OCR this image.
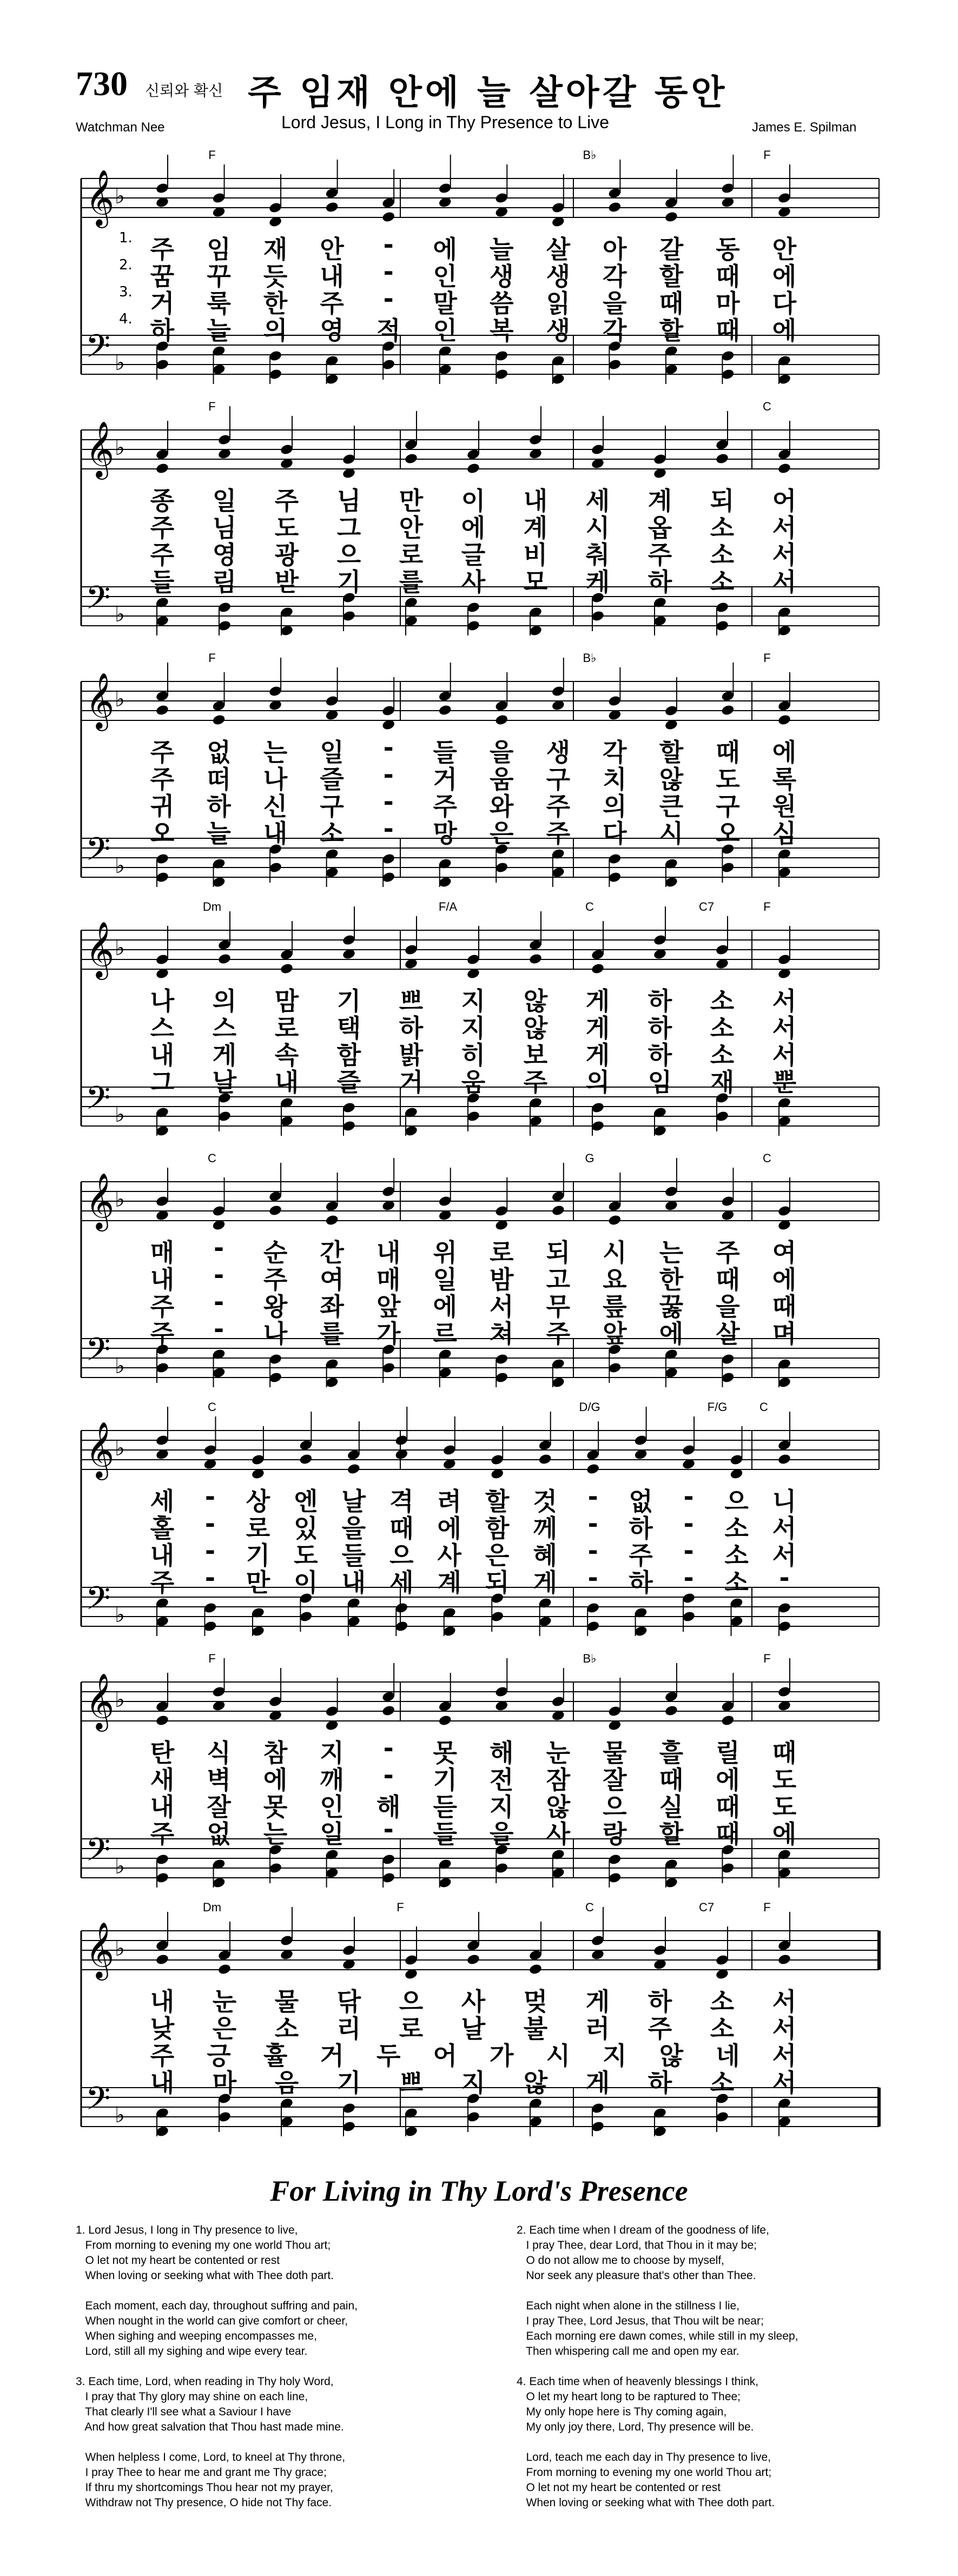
730 신뢰와 확신 주 임재 안에 늘 살아갈 동안
Lord Jesus, I Long in Thy Presence to Live
Watchman Nee	James E. Spilman
𝄞
𝄢
♭
♭
F	B♭	F
1. 주 임 재 안 - 에 늘 살 아 갈 동 안
2. 꿈 꾸 듯 내 - 인 생 생 각 할 때 에
3. 거 룩 한 주 - 말 씀 읽 을 때 마 다
4. 하 늘 의 영 적 인 복 생 각 할 때 에
𝄞
𝄢
♭
♭
F	C
종 일 주 님 만 이 내 세 계 되 어
주 님 도 그 안 에 계 시 옵 소 서
주 영 광 으 로 글 비 춰 주 소 서
들 림 받 기 를 사 모 케 하 소 서
𝄞
𝄢
♭
♭
F	B♭	F
주 없 는 일 - 들 을 생 각 할 때 에
주 떠 나 즐 - 거 움 구 치 않 도 록
귀 하 신 구 - 주 와 주 의 큰 구 원
오 늘 내 소 - 망 은 주 다 시 오 심
𝄞
𝄢
♭
♭
Dm	F/A	C	C7	F
나 의 맘 기 쁘 지 않 게 하 소 서
스 스 로 택 하 지 않 게 하 소 서
내 게 속 함 밝 히 보 게 하 소 서
그 날 내 즐 거 움 주 의 임 재 뿐
𝄞
𝄢
♭
♭
C	G	C
매 - 순 간 내 위 로 되 시 는 주 여
내 - 주 여 매 일 밤 고 요 한 때 에
주 - 왕 좌 앞 에 서 무 릎 꿇 을 때
주 - 나 를 가 르 쳐 주 앞 에 살 며
𝄞
𝄢
♭
♭
C	D/G	F/G	C
세 - 상 엔 날 격 려 할 것 - 없 - 으 니
홀 - 로 있 을 때 에 함 께 - 하 - 소 서
내 - 기 도 들 으 사 은 혜 - 주 - 소 서
주 - 만 이 내 세 계 되 게 - 하 - 소 -
𝄞
𝄢
♭
♭
F	B♭	F
탄 식 참 지 - 못 해 눈 물 흘 릴 때
새 벽 에 깨 - 기 전 잠 잘 때 에 도
내 잘 못 인 해 듣 지 않 으 실 때 도
주 없 는 일 - 들 을 사 랑 할 때 에
𝄞
𝄢
♭
♭
Dm	F	C	C7	F
내 눈 물 닦 으 사 멎 게 하 소 서
낮 은 소 리 로 날 불 러 주 소 서
주 긍 휼 거 두 어 가 시 지 않 네 서
내 마 음 기 쁘 지 않 게 하 소 서
For Living in Thy Lord's Presence
1. Lord Jesus, I long in Thy presence to live,
From morning to evening my one world Thou art;
O let not my heart be contented or rest
When loving or seeking what with Thee doth part.
Each moment, each day, throughout suffring and pain,
When nought in the world can give comfort or cheer,
When sighing and weeping encompasses me,
Lord, still all my sighing and wipe every tear.
3. Each time, Lord, when reading in Thy holy Word,
I pray that Thy glory may shine on each line,
That clearly I'll see what a Saviour I have
And how great salvation that Thou hast made mine.
When helpless I come, Lord, to kneel at Thy throne,
I pray Thee to hear me and grant me Thy grace;
If thru my shortcomings Thou hear not my prayer,
Withdraw not Thy presence, O hide not Thy face.
2. Each time when I dream of the goodness of life,
I pray Thee, dear Lord, that Thou in it may be;
O do not allow me to choose by myself,
Nor seek any pleasure that's other than Thee.
Each night when alone in the stillness I lie,
I pray Thee, Lord Jesus, that Thou wilt be near;
Each morning ere dawn comes, while still in my sleep,
Then whispering call me and open my ear.
4. Each time when of heavenly blessings I think,
O let my heart long to be raptured to Thee;
My only hope here is Thy coming again,
My only joy there, Lord, Thy presence will be.
Lord, teach me each day in Thy presence to live,
From morning to evening my one world Thou art;
O let not my heart be contented or rest
When loving or seeking what with Thee doth part.
